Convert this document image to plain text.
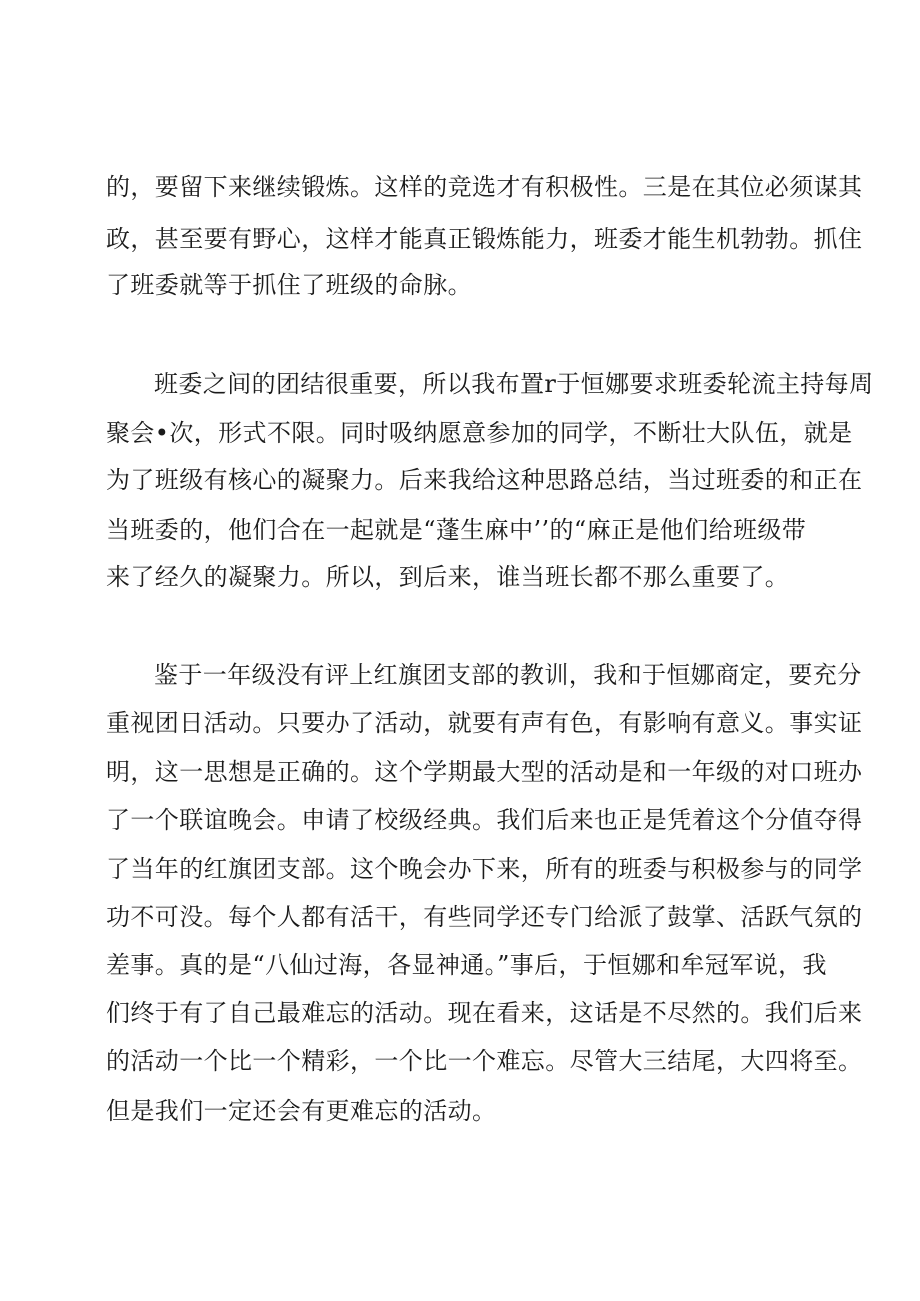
的，要留下来继续锻炼。这样的竞选才有积极性。三是在其位必须谋其
政，甚至要有野心，这样才能真正锻炼能力，班委才能生机勃勃。抓住
了班委就等于抓住了班级的命脉。
班委之间的团结很重要，所以我布置r于恒娜要求班委轮流主持每周
聚会•次，形式不限。同时吸纳愿意参加的同学，不断壮大队伍，就是
为了班级有核心的凝聚力。后来我给这种思路总结，当过班委的和正在
当班委的，他们合在一起就是“蓬生麻中’’的“麻正是他们给班级带
来了经久的凝聚力。所以，到后来，谁当班长都不那么重要了。
鉴于一年级没有评上红旗团支部的教训，我和于恒娜商定，要充分
重视团日活动。只要办了活动，就要有声有色，有影响有意义。事实证
明，这一思想是正确的。这个学期最大型的活动是和一年级的对口班办
了一个联谊晚会。申请了校级经典。我们后来也正是凭着这个分值夺得
了当年的红旗团支部。这个晚会办下来，所有的班委与积极参与的同学
功不可没。每个人都有活干，有些同学还专门给派了鼓掌、活跃气氛的
差事。真的是“八仙过海，各显神通。”事后，于恒娜和牟冠军说，我
们终于有了自己最难忘的活动。现在看来，这话是不尽然的。我们后来
的活动一个比一个精彩，一个比一个难忘。尽管大三结尾，大四将至。
但是我们一定还会有更难忘的活动。
